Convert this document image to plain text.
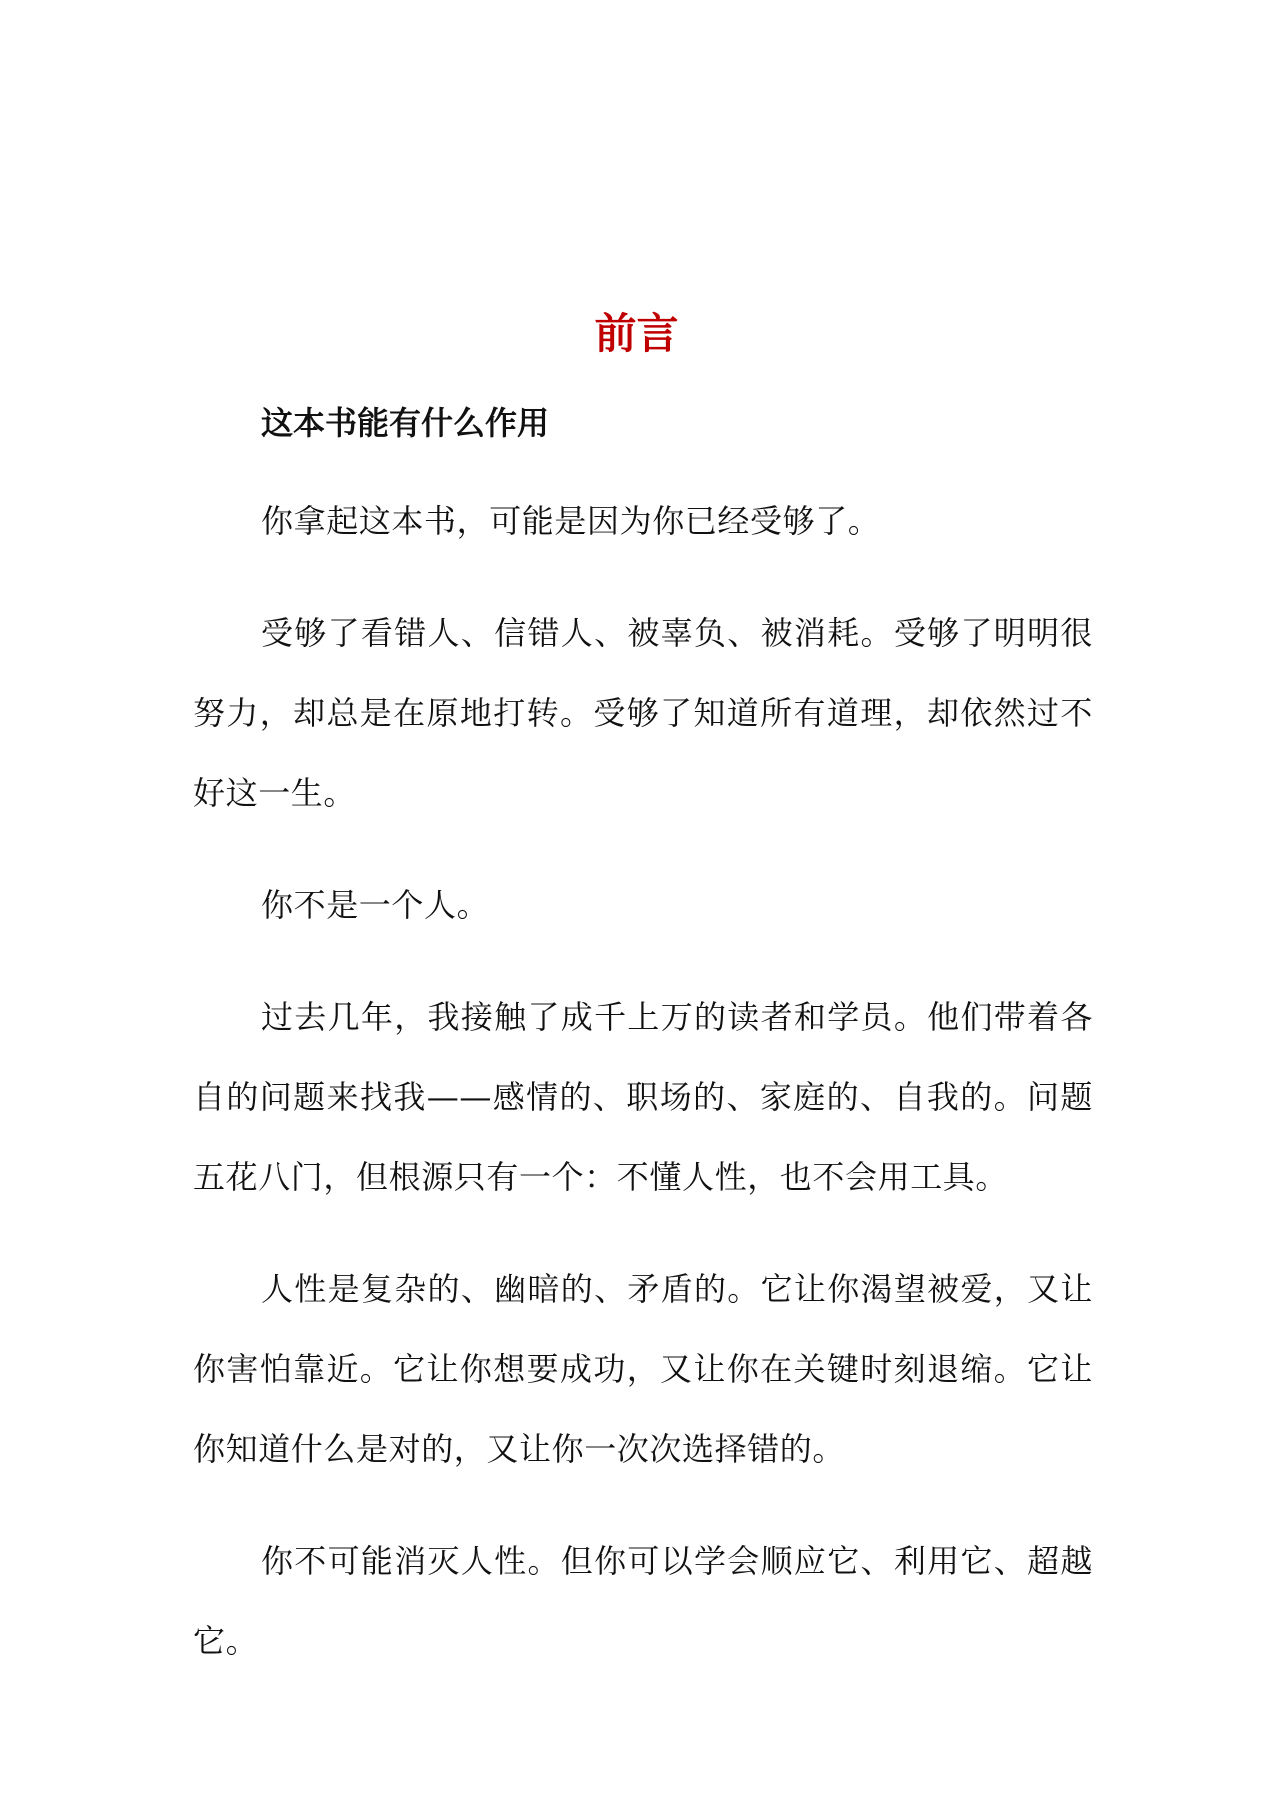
前言
这本书能有什么作用

你拿起这本书，可能是因为你已经受够了。

受够了看错人、信错人、被辜负、被消耗。受够了明明很努力，却总是在原地打转。受够了知道所有道理，却依然过不好这一生。

你不是一个人。

过去几年，我接触了成千上万的读者和学员。他们带着各自的问题来找我——感情的、职场的、家庭的、自我的。问题五花八门，但根源只有一个：不懂人性，也不会用工具。

人性是复杂的、幽暗的、矛盾的。它让你渴望被爱，又让你害怕靠近。它让你想要成功，又让你在关键时刻退缩。它让你知道什么是对的，又让你一次次选择错的。

你不可能消灭人性。但你可以学会顺应它、利用它、超越它。
